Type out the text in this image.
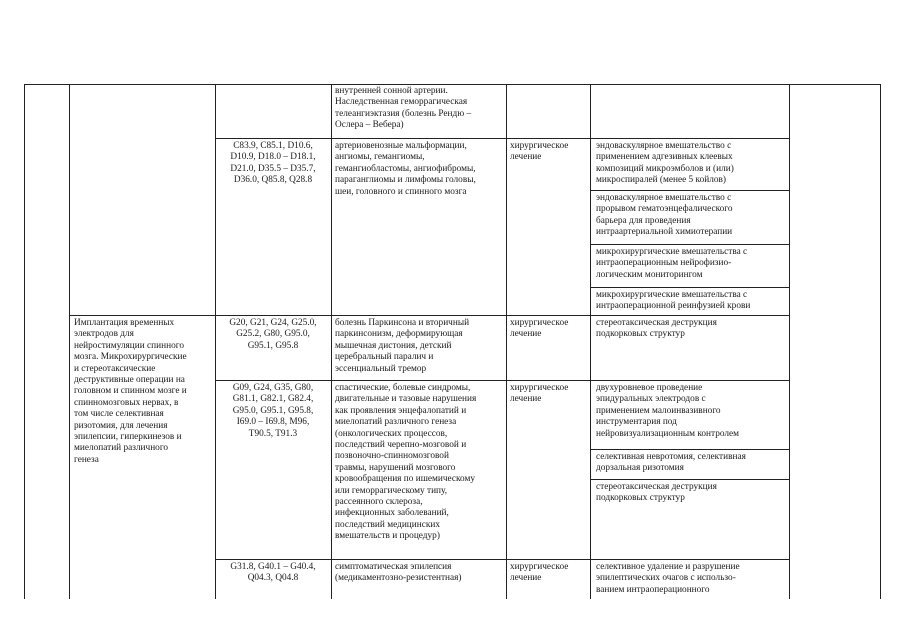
внутренней сонной артерии.
Наследственная геморрагическая
телеангиэктазия (болезнь Рендю –
Ослера – Вебера)
C83.9, C85.1, D10.6,
D10.9, D18.0 – D18.1,
D21.0, D35.5 – D35.7,
D36.0, Q85.8, Q28.8
артериовенозные мальформации,
ангиомы, гемангиомы,
гемангиобластомы, ангиофибромы,
параганглиомы и лимфомы головы,
шеи, головного и спинного мозга
хирургическое
лечение
эндоваскулярное вмешательство с
применением адгезивных клеевых
композиций микроэмболов и (или)
микроспиралей (менее 5 койлов)
эндоваскулярное вмешательство с
прорывом гематоэнцефалического
барьера для проведения
интраартериальной химиотерапии
микрохирургические вмешательства с
интраоперационным нейрофизио-
логическим мониторингом
микрохирургические вмешательства с
интраоперационной реинфузией крови
Имплантация временных
электродов для
нейростимуляции спинного
мозга. Микрохирургические
и стереотаксические
деструктивные операции на
головном и спинном мозге и
спинномозговых нервах, в
том числе селективная
ризотомия, для лечения
эпилепсии, гиперкинезов и
миелопатий различного
генеза
G20, G21, G24, G25.0,
G25.2, G80, G95.0,
G95.1, G95.8
болезнь Паркинсона и вторичный
паркинсонизм, деформирующая
мышечная дистония, детский
церебральный паралич и
эссенциальный тремор
хирургическое
лечение
стереотаксическая деструкция
подкорковых структур
G09, G24, G35, G80,
G81.1, G82.1, G82.4,
G95.0, G95.1, G95.8,
I69.0 – I69.8, M96,
T90.5, T91.3
спастические, болевые синдромы,
двигательные и тазовые нарушения
как проявления энцефалопатий и
миелопатий различного генеза
(онкологических процессов,
последствий черепно-мозговой и
позвоночно-спинномозговой
травмы, нарушений мозгового
кровообращения по ишемическому
или геморрагическому типу,
рассеянного склероза,
инфекционных заболеваний,
последствий медицинских
вмешательств и процедур)
хирургическое
лечение
двухуровневое проведение
эпидуральных электродов с
применением малоинвазивного
инструментария под
нейровизуализационным контролем
селективная невротомия, селективная
дорзальная ризотомия
стереотаксическая деструкция
подкорковых структур
G31.8, G40.1 – G40.4,
Q04.3, Q04.8
симптоматическая эпилепсия
(медикаментозно-резистентная)
хирургическое
лечение
селективное удаление и разрушение
эпилептических очагов с использо-
ванием интраоперационного
